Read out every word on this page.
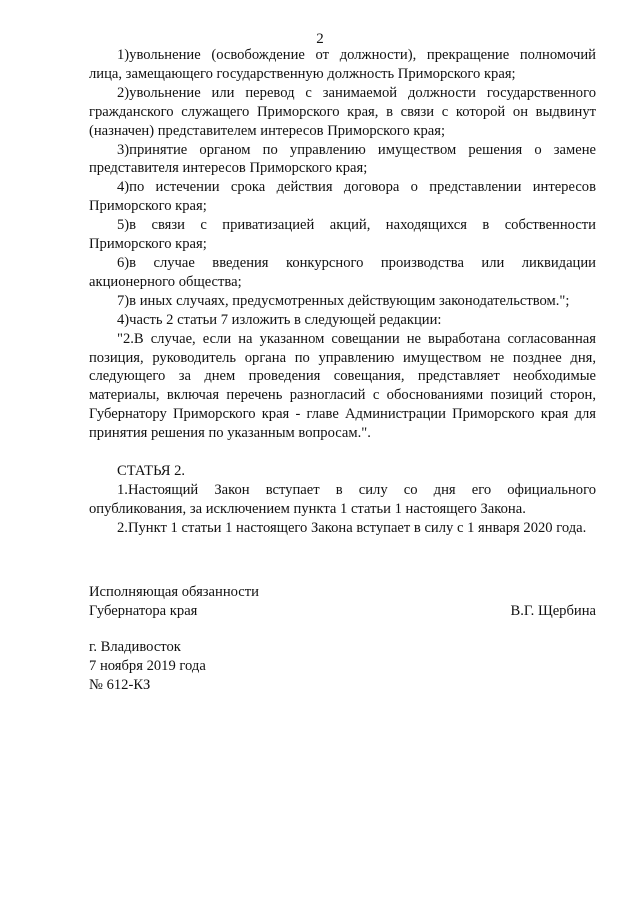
2

1)увольнение (освобождение от должности), прекращение полномочий лица, замещающего государственную должность Приморского края;

2)увольнение или перевод с занимаемой должности государственного гражданского служащего Приморского края, в связи с которой он выдвинут (назначен) представителем интересов Приморского края;

3)принятие органом по управлению имуществом решения о замене представителя интересов Приморского края;

4)по истечении срока действия договора о представлении интересов Приморского края;

5)в связи с приватизацией акций, находящихся в собственности Приморского края;

6)в случае введения конкурсного производства или ликвидации акционерного общества;

7)в иных случаях, предусмотренных действующим законодательством.";

4)часть 2 статьи 7 изложить в следующей редакции:

"2.В случае, если на указанном совещании не выработана согласованная позиция, руководитель органа по управлению имуществом не позднее дня, следующего за днем проведения совещания, представляет необходимые материалы, включая перечень разногласий с обоснованиями позиций сторон, Губернатору Приморского края - главе Администрации Приморского края для принятия решения по указанным вопросам.".

СТАТЬЯ 2.

1.Настоящий Закон вступает в силу со дня его официального опубликования, за исключением пункта 1 статьи 1 настоящего Закона.

2.Пункт 1 статьи 1 настоящего Закона вступает в силу с 1 января 2020 года.

Исполняющая обязанности
Губернатора края	В.Г. Щербина
г. Владивосток
7 ноября 2019 года
№ 612-КЗ
